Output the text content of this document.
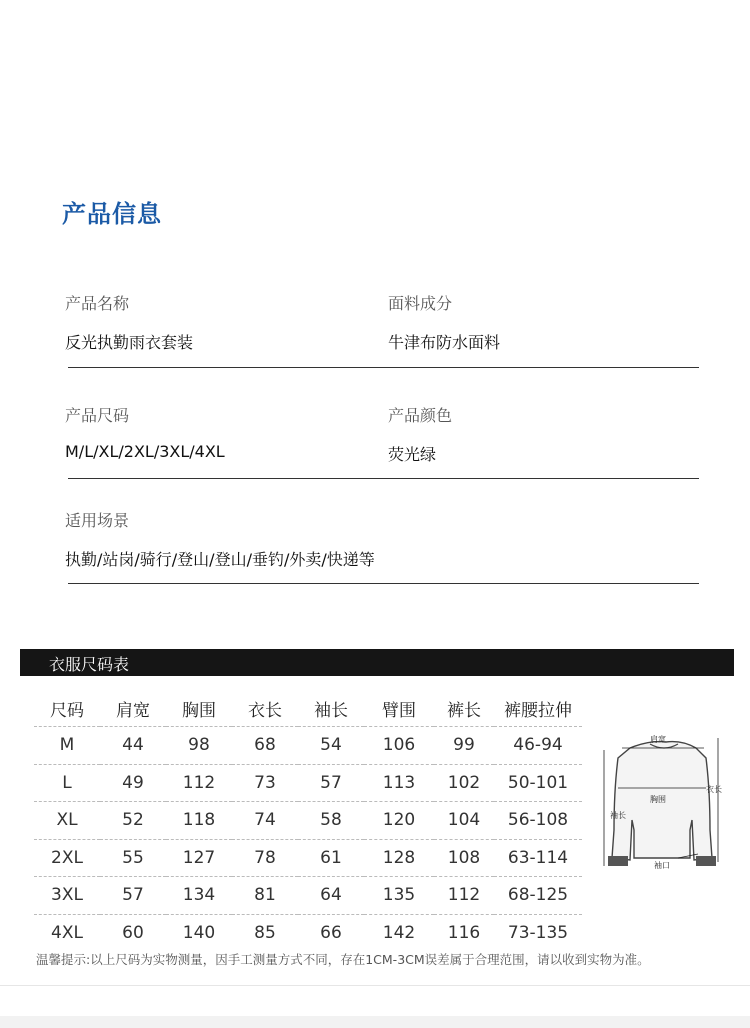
产品信息
产品名称
反光执勤雨衣套装
面料成分
牛津布防水面料
产品尺码
M/L/XL/2XL/3XL/4XL
产品颜色
荧光绿
适用场景
执勤/站岗/骑行/登山/登山/垂钓/外卖/快递等
衣服尺码表
尺码	肩宽	胸围	衣长	袖长	臂围	裤长	裤腰拉伸
M	44	98	68	54	106	99	46-94
L	49	112	73	57	113	102	50-101
XL	52	118	74	58	120	104	56-108
2XL	55	127	78	61	128	108	63-114
3XL	57	134	81	64	135	112	68-125
4XL	60	140	85	66	142	116	73-135
肩宽
胸围
衣长
袖长
袖口
温馨提示:以上尺码为实物测量，因手工测量方式不同，存在1CM-3CM误差属于合理范围，请以收到实物为准。
